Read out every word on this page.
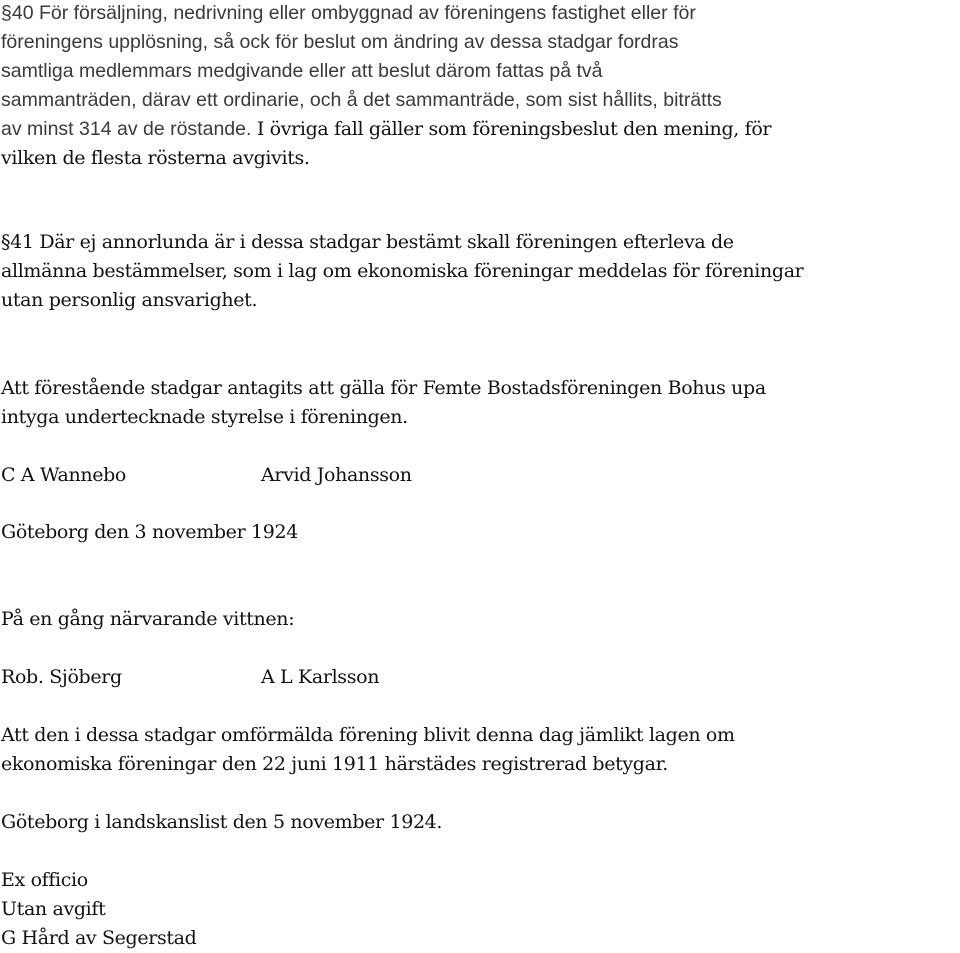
§40 För försäljning, nedrivning eller ombyggnad av föreningens fastighet eller för
föreningens upplösning, så ock för beslut om ändring av dessa stadgar fordras
samtliga medlemmars medgivande eller att beslut därom fattas på två
sammanträden, därav ett ordinarie, och å det sammanträde, som sist hållits, biträtts
av minst 314 av de röstande. I övriga fall gäller som föreningsbeslut den mening, för
vilken de flesta rösterna avgivits.
§41 Där ej annorlunda är i dessa stadgar bestämt skall föreningen efterleva de
allmänna bestämmelser, som i lag om ekonomiska föreningar meddelas för föreningar
utan personlig ansvarighet.
Att förestående stadgar antagits att gälla för Femte Bostadsföreningen Bohus upa
intyga undertecknade styrelse i föreningen.
C A Wannebo	Arvid Johansson
Göteborg den 3 november 1924
På en gång närvarande vittnen:
Rob. Sjöberg	A L Karlsson
Att den i dessa stadgar omförmälda förening blivit denna dag jämlikt lagen om
ekonomiska föreningar den 22 juni 1911 härstädes registrerad betygar.
Göteborg i landskanslist den 5 november 1924.
Ex officio
Utan avgift
G Hård av Segerstad
